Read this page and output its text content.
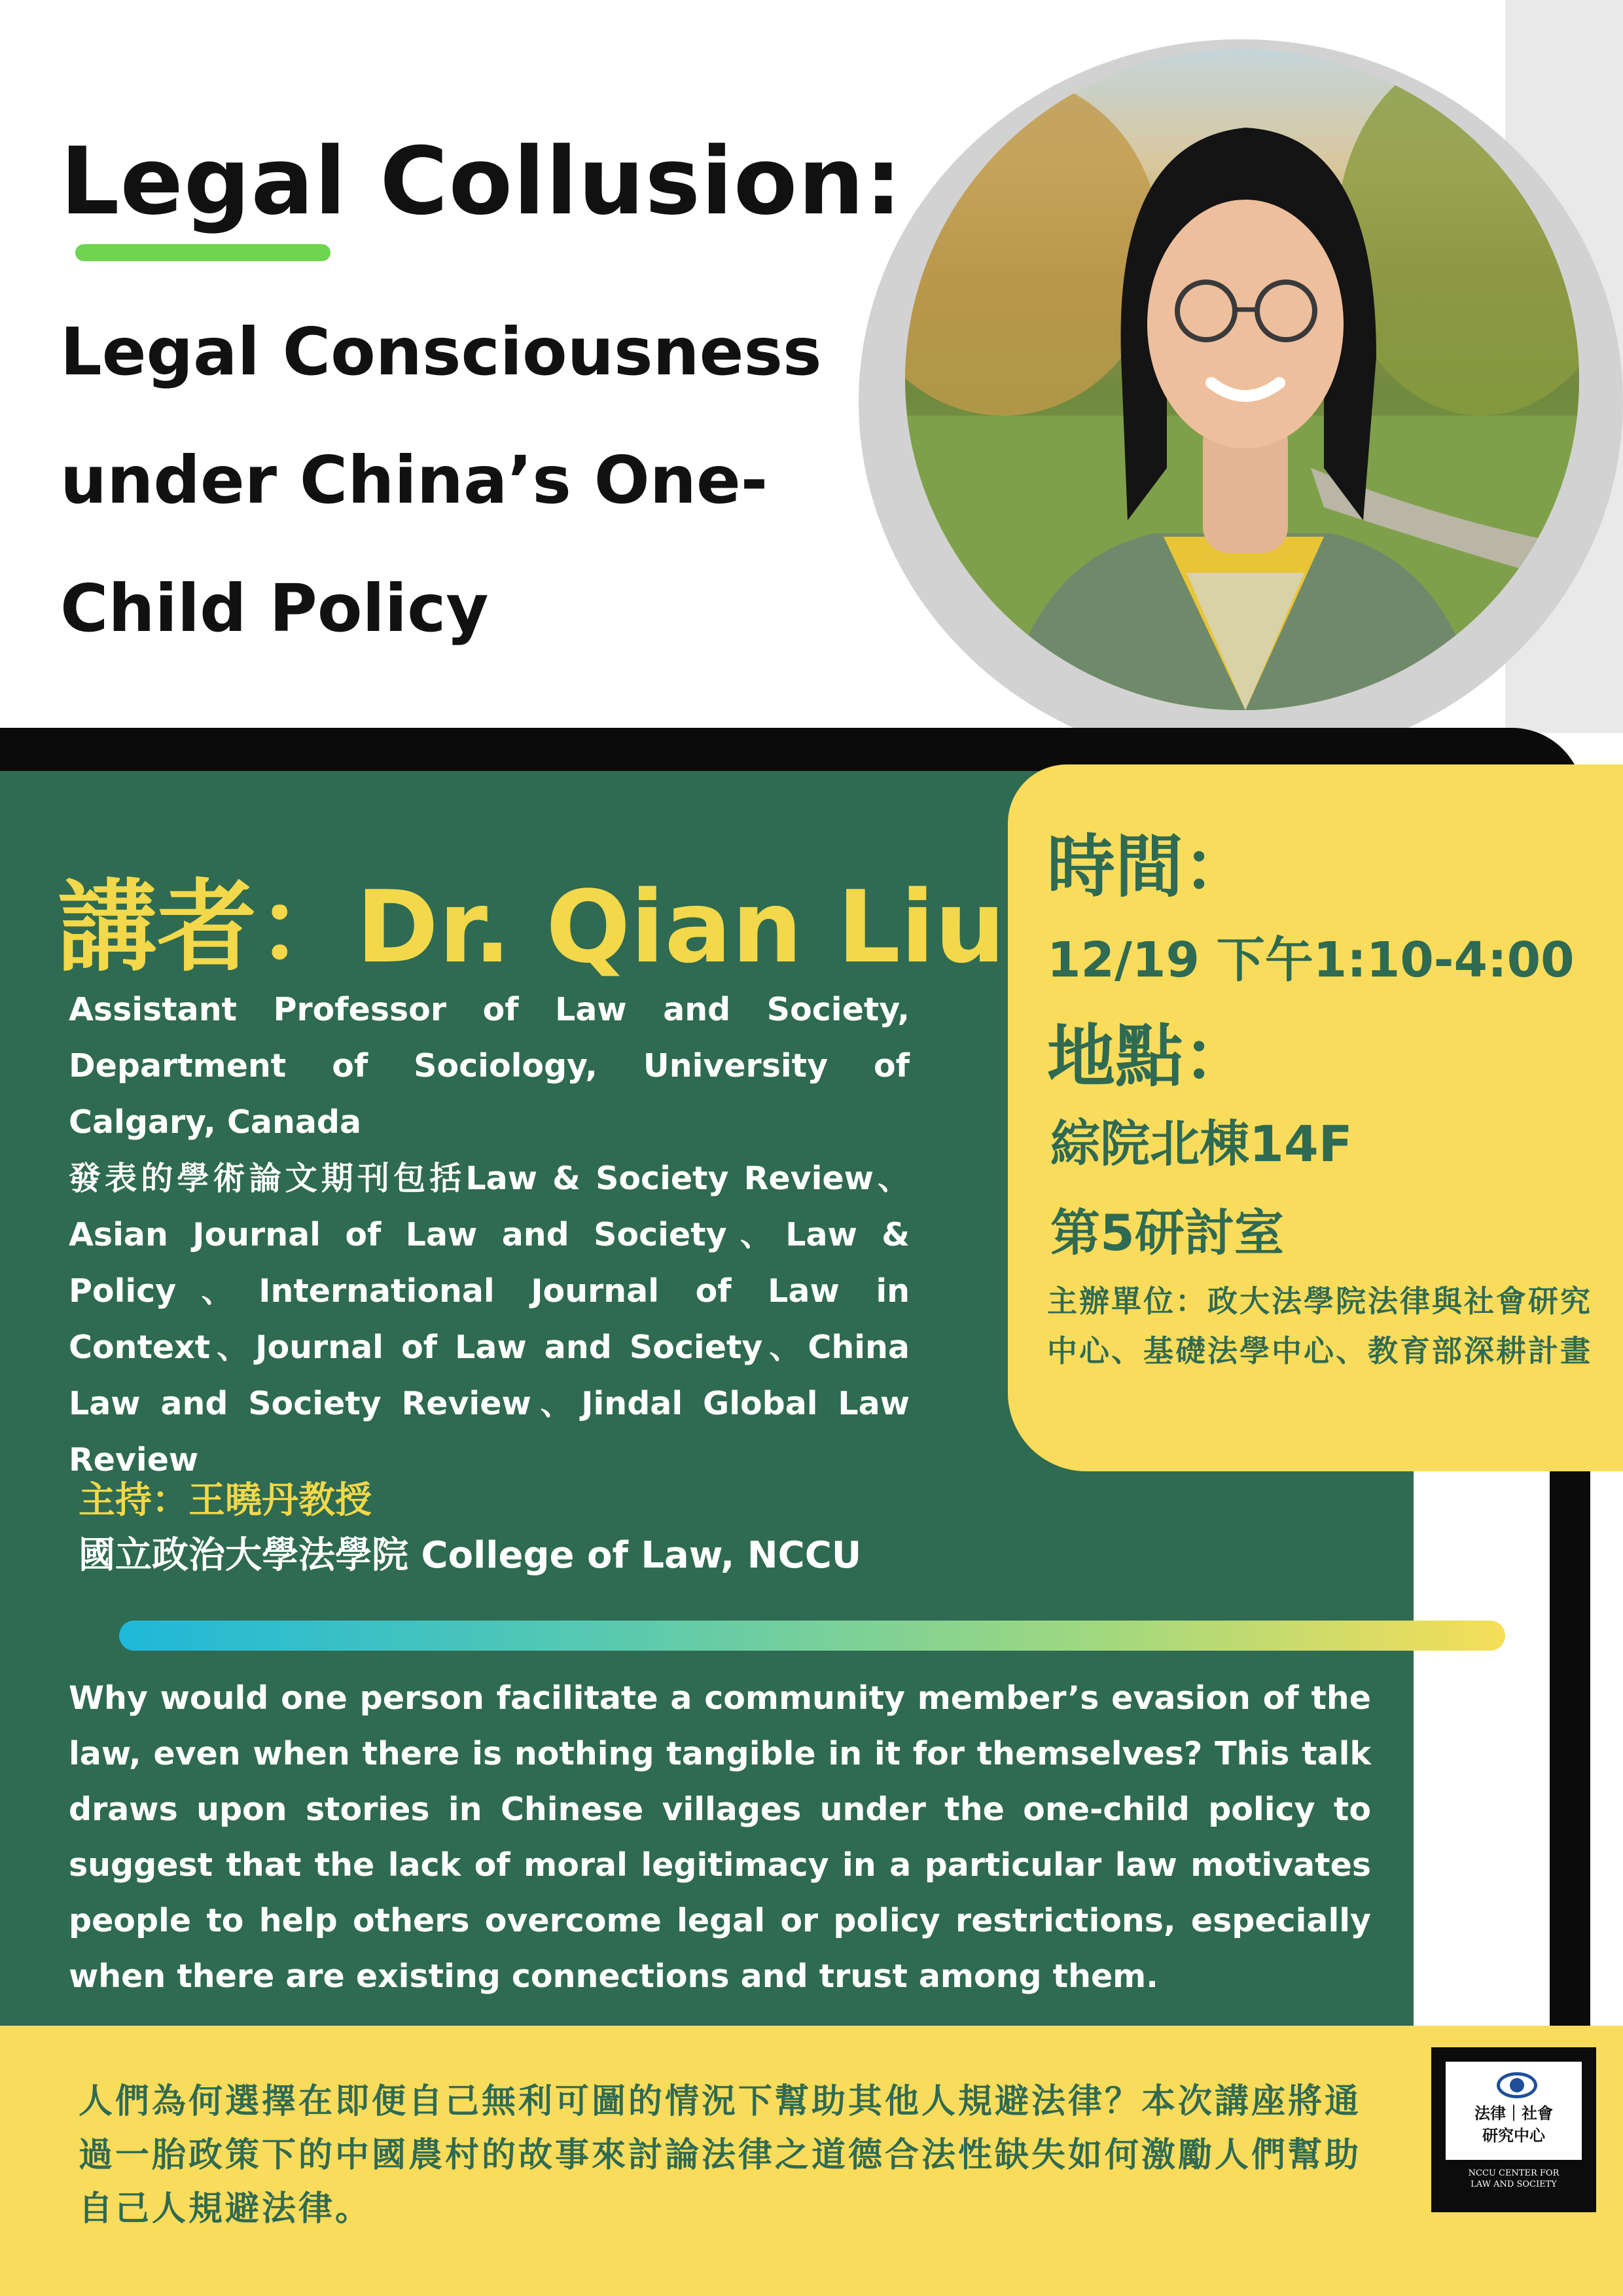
Legal Collusion:
Legal Consciousness
under China’s One-
Child Policy
時間：
12/19 下午1:10-4:00
地點：
綜院北棟14F
第5研討室
主辦單位：政大法學院法律與社會研究中心、基礎法學中心、教育部深耕計畫
講者：Dr. Qian Liu
Assistant Professor of Law and Society, Department of Sociology, University of Calgary, Canada
發表的學術論文期刊包括Law & Society Review、Asian Journal of Law and Society、Law & Policy、International Journal of Law in Context、Journal of Law and Society、China Law and Society Review、Jindal Global Law Review
主持：王曉丹教授
國立政治大學法學院 College of Law, NCCU
Why would one person facilitate a community member’s evasion of the law, even when there is nothing tangible in it for themselves? This talk draws upon stories in Chinese villages under the one-child policy to suggest that the lack of moral legitimacy in a particular law motivates people to help others overcome legal or policy restrictions, especially when there are existing connections and trust among them.
人們為何選擇在即便自己無利可圖的情況下幫助其他人規避法律？本次講座將通過一胎政策下的中國農村的故事來討論法律之道德合法性缺失如何激勵人們幫助自己人規避法律。
法律｜社會
研究中心
NCCU CENTER FOR
LAW AND SOCIETY
